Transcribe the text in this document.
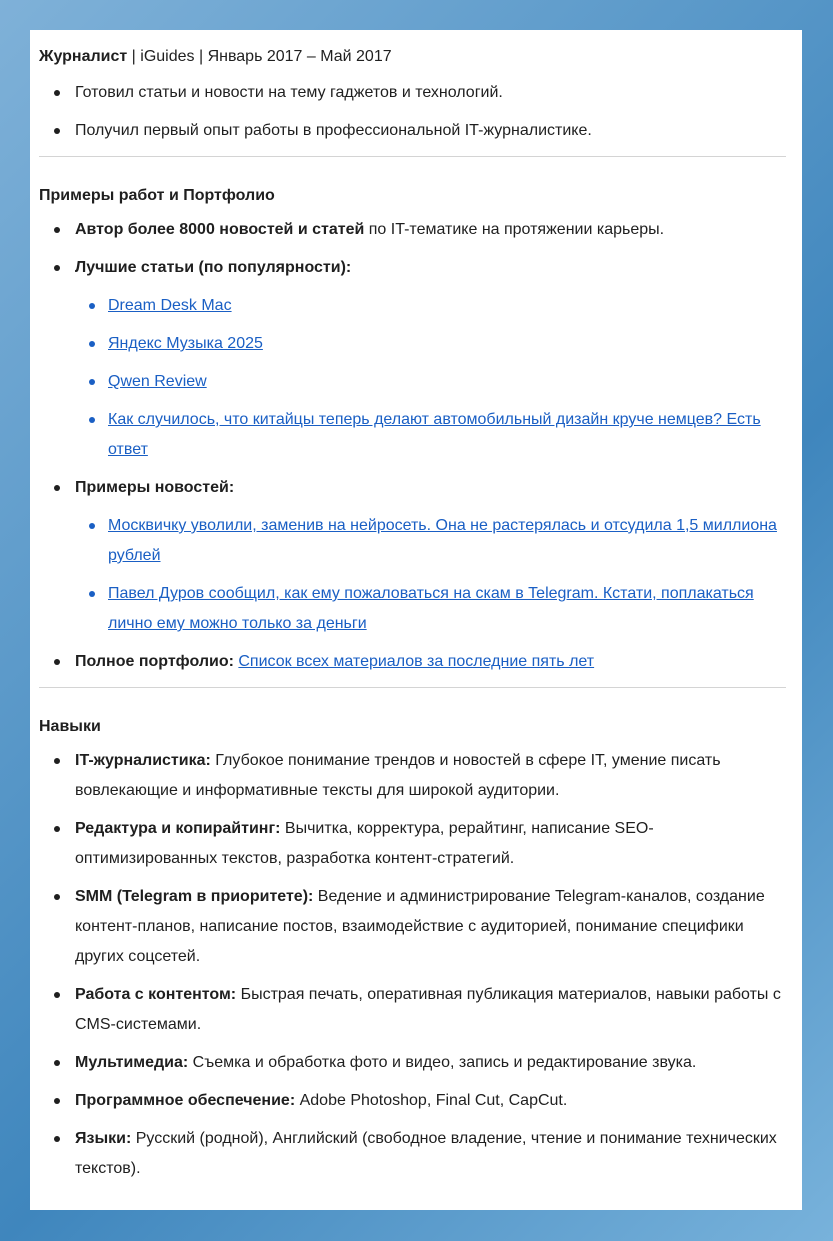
Журналист | iGuides | Январь 2017 – Май 2017
Готовил статьи и новости на тему гаджетов и технологий.
Получил первый опыт работы в профессиональной IT-журналистике.
Примеры работ и Портфолио
Автор более 8000 новостей и статей по IT-тематике на протяжении карьеры.
Лучшие статьи (по популярности):
Dream Desk Mac
Яндекс Музыка 2025
Qwen Review
Как случилось, что китайцы теперь делают автомобильный дизайн круче немцев? Есть ответ
Примеры новостей:
Москвичку уволили, заменив на нейросеть. Она не растерялась и отсудила 1,5 миллиона рублей
Павел Дуров сообщил, как ему пожаловаться на скам в Telegram. Кстати, поплакаться лично ему можно только за деньги
Полное портфолио: Список всех материалов за последние пять лет
Навыки
IT-журналистика: Глубокое понимание трендов и новостей в сфере IT, умение писать вовлекающие и информативные тексты для широкой аудитории.
Редактура и копирайтинг: Вычитка, корректура, рерайтинг, написание SEO-оптимизированных текстов, разработка контент-стратегий.
SMM (Telegram в приоритете): Ведение и администрирование Telegram-каналов, создание контент-планов, написание постов, взаимодействие с аудиторией, понимание специфики других соцсетей.
Работа с контентом: Быстрая печать, оперативная публикация материалов, навыки работы с CMS-системами.
Мультимедиа: Съемка и обработка фото и видео, запись и редактирование звука.
Программное обеспечение: Adobe Photoshop, Final Cut, CapCut.
Языки: Русский (родной), Английский (свободное владение, чтение и понимание технических текстов).
